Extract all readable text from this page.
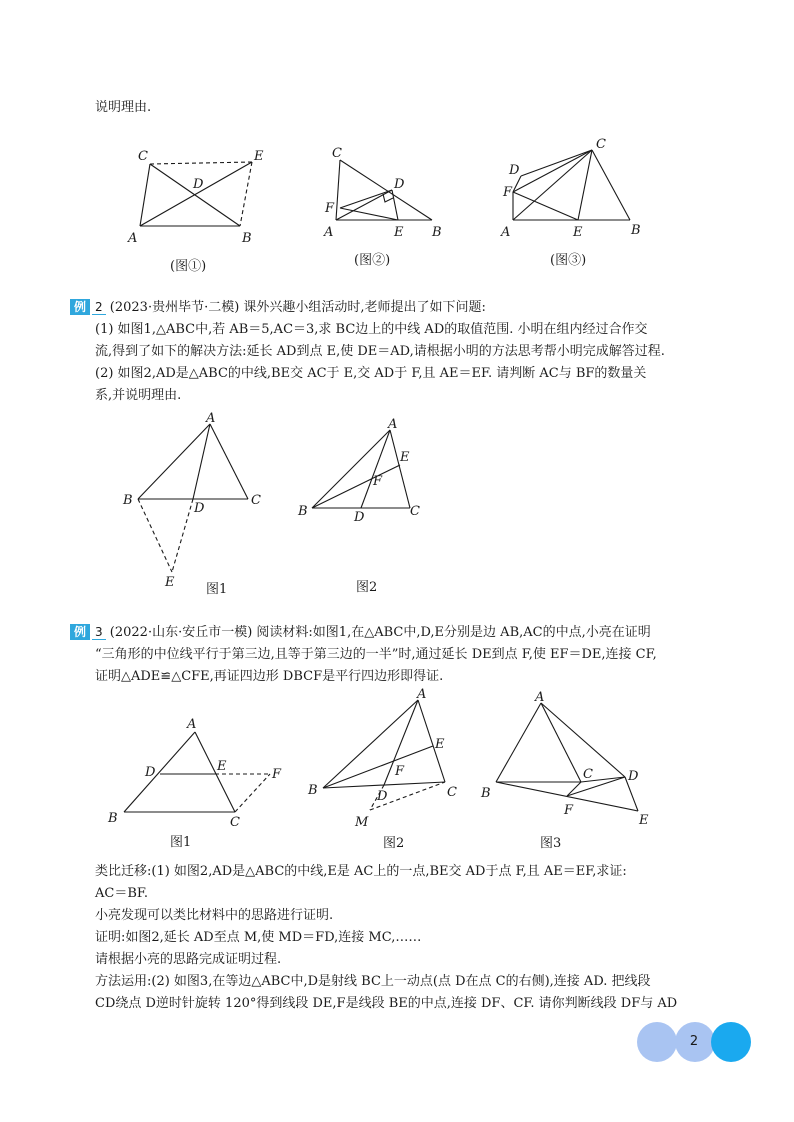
说明理由.
C	E
D
A	B
(图①)
C
D
F
A	E B
(图②)
C
D
F
A	E	B
(图③)
例 2 (2023·贵州毕节·二模) 课外兴趣小组活动时,老师提出了如下问题:
(1) 如图1,△ABC中,若 AB＝5,AC＝3,求 BC边上的中线 AD的取值范围. 小明在组内经过合作交
流,得到了如下的解决方法:延长 AD到点 E,使 DE＝AD,请根据小明的方法思考帮小明完成解答过程.
(2) 如图2,AD是△ABC的中线,BE交 AC于 E,交 AD于 F,且 AE＝EF. 请判断 AC与 BF的数量关
系,并说明理由.
A
B
D
C
E 图1
A
E
F
B	D	C
图2
例 3 (2022·山东·安丘市一模) 阅读材料:如图1,在△ABC中,D,E分别是边 AB,AC的中点,小亮在证明
“三角形的中位线平行于第三边,且等于第三边的一半”时,通过延长 DE到点 F,使 EF＝DE,连接 CF,
证明△ADE≌△CFE,再证四边形 DBCF是平行四边形即得证.
A
D	E
F
B	C
图1
A
E
F
B	D	C
M
图2
A
C	D
B
F
E
图3
类比迁移:(1) 如图2,AD是△ABC的中线,E是 AC上的一点,BE交 AD于点 F,且 AE＝EF,求证:
AC＝BF.
小亮发现可以类比材料中的思路进行证明.
证明:如图2,延长 AD至点 M,使 MD＝FD,连接 MC,……
请根据小亮的思路完成证明过程.
方法运用:(2) 如图3,在等边△ABC中,D是射线 BC上一动点(点 D在点 C的右侧),连接 AD. 把线段
CD绕点 D逆时针旋转 120°得到线段 DE,F是线段 BE的中点,连接 DF、CF. 请你判断线段 DF与 AD
2
